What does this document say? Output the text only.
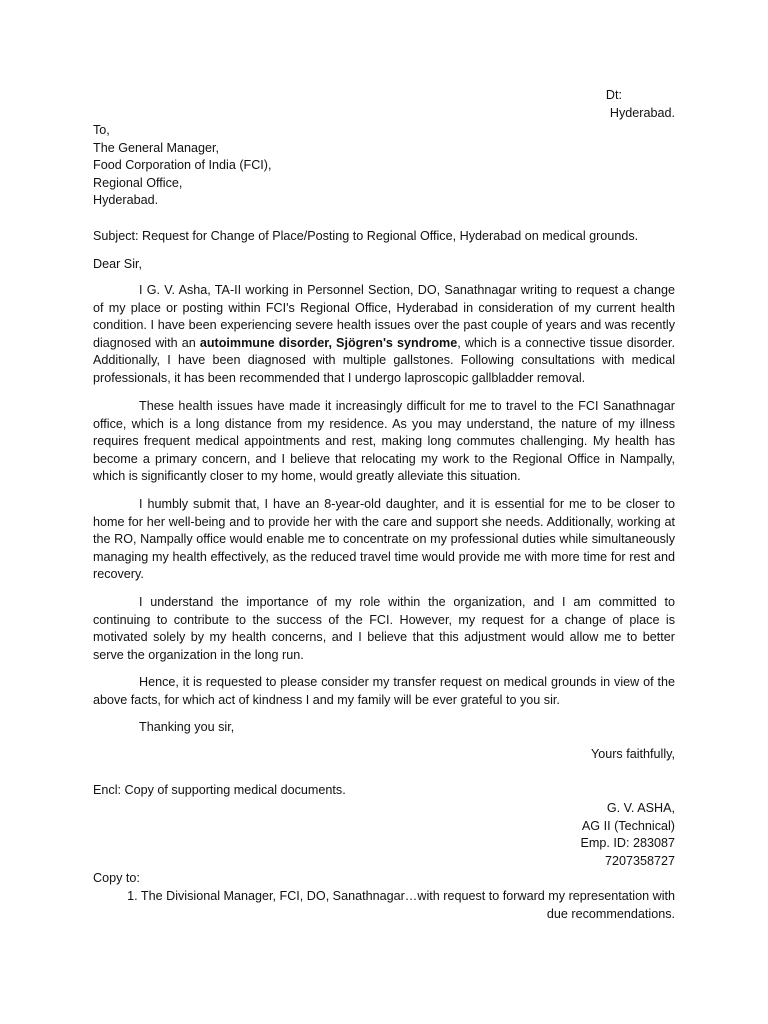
Dt:
Hyderabad.
To,
The General Manager,
Food Corporation of India (FCI),
Regional Office,
Hyderabad.
Subject: Request for Change of Place/Posting to Regional Office, Hyderabad on medical grounds.
Dear Sir,

I G. V. Asha, TA-II working in Personnel Section, DO, Sanathnagar writing to request a change of my place or posting within FCI's Regional Office, Hyderabad in consideration of my current health condition. I have been experiencing severe health issues over the past couple of years and was recently diagnosed with an autoimmune disorder, Sjögren's syndrome, which is a connective tissue disorder. Additionally, I have been diagnosed with multiple gallstones. Following consultations with medical professionals, it has been recommended that I undergo laproscopic gallbladder removal.

These health issues have made it increasingly difficult for me to travel to the FCI Sanathnagar office, which is a long distance from my residence. As you may understand, the nature of my illness requires frequent medical appointments and rest, making long commutes challenging. My health has become a primary concern, and I believe that relocating my work to the Regional Office in Nampally, which is significantly closer to my home, would greatly alleviate this situation.

I humbly submit that, I have an 8-year-old daughter, and it is essential for me to be closer to home for her well-being and to provide her with the care and support she needs. Additionally, working at the RO, Nampally office would enable me to concentrate on my professional duties while simultaneously managing my health effectively, as the reduced travel time would provide me with more time for rest and recovery.

I understand the importance of my role within the organization, and I am committed to continuing to contribute to the success of the FCI. However, my request for a change of place is motivated solely by my health concerns, and I believe that this adjustment would allow me to better serve the organization in the long run.

Hence, it is requested to please consider my transfer request on medical grounds in view of the above facts, for which act of kindness I and my family will be ever grateful to you sir.

Thanking you sir,
Yours faithfully,
Encl: Copy of supporting medical documents.
G. V. ASHA,
AG II (Technical)
Emp. ID: 283087
7207358727
Copy to:
1. The Divisional Manager, FCI, DO, Sanathnagar…with request to forward my representation with
due recommendations.
